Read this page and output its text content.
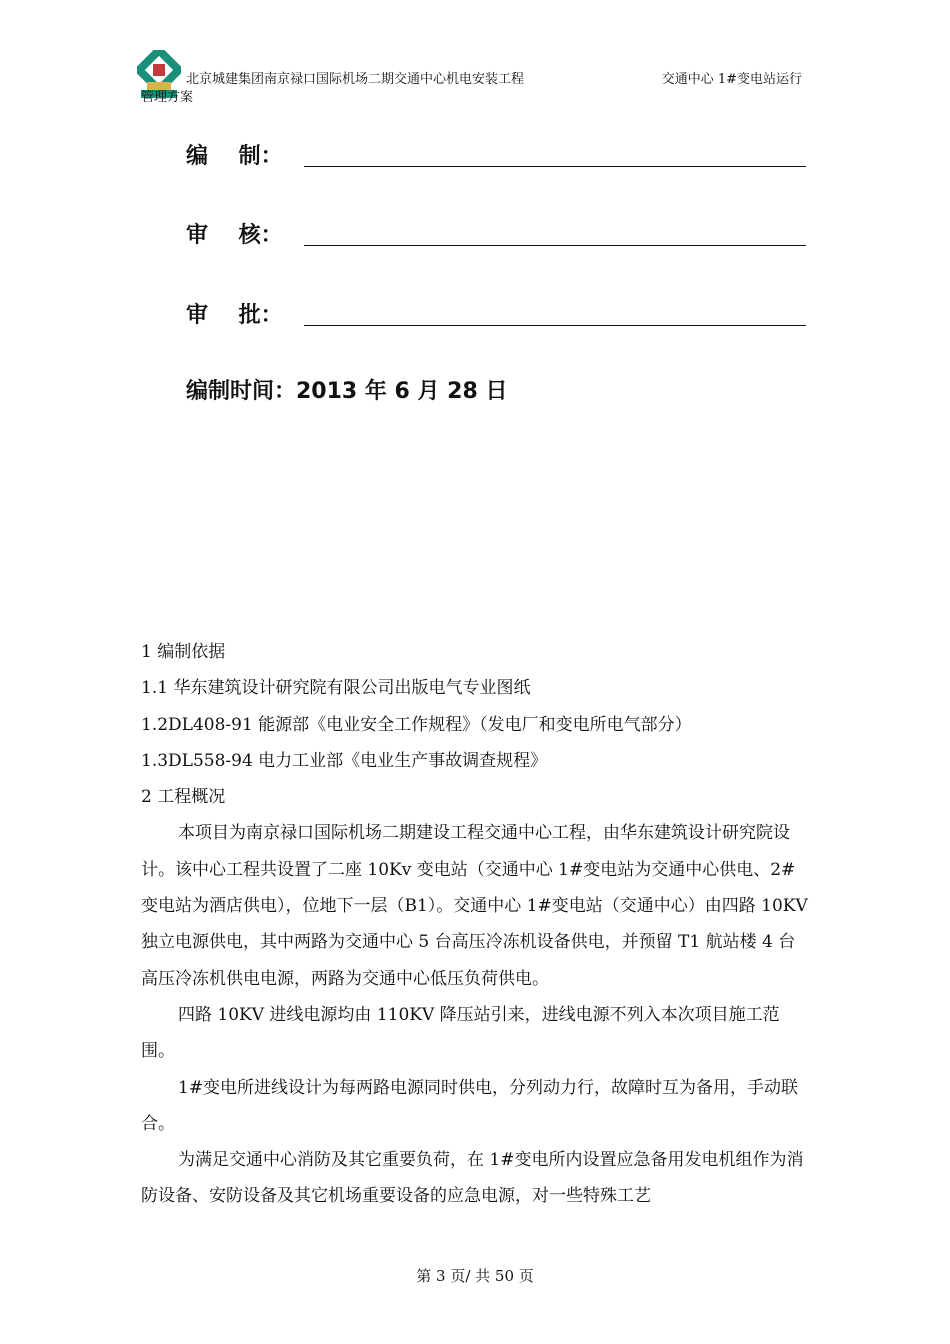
北京城建集团南京禄口国际机场二期交通中心机电安装工程	交通中心 1#变电站运行
管理方案
编    制：
审    核：
审    批：
编制时间：2013 年 6 月 28 日

1 编制依据

1.1 华东建筑设计研究院有限公司出版电气专业图纸

1.2DL408-91 能源部《电业安全工作规程》（发电厂和变电所电气部分）

1.3DL558-94 电力工业部《电业生产事故调查规程》

2 工程概况

本项目为南京禄口国际机场二期建设工程交通中心工程，由华东建筑设计研究院设计。该中心工程共设置了二座 10Kv 变电站（交通中心 1#变电站为交通中心供电、2#变电站为酒店供电），位地下一层（B1）。交通中心 1#变电站（交通中心）由四路 10KV 独立电源供电，其中两路为交通中心 5 台高压冷冻机设备供电，并预留 T1 航站楼 4 台高压冷冻机供电电源，两路为交通中心低压负荷供电。

四路 10KV 进线电源均由 110KV 降压站引来，进线电源不列入本次项目施工范围。

1#变电所进线设计为每两路电源同时供电，分列动力行，故障时互为备用，手动联合。

为满足交通中心消防及其它重要负荷，在 1#变电所内设置应急备用发电机组作为消防设备、安防设备及其它机场重要设备的应急电源，对一些特殊工艺

第 3 页/ 共 50 页
